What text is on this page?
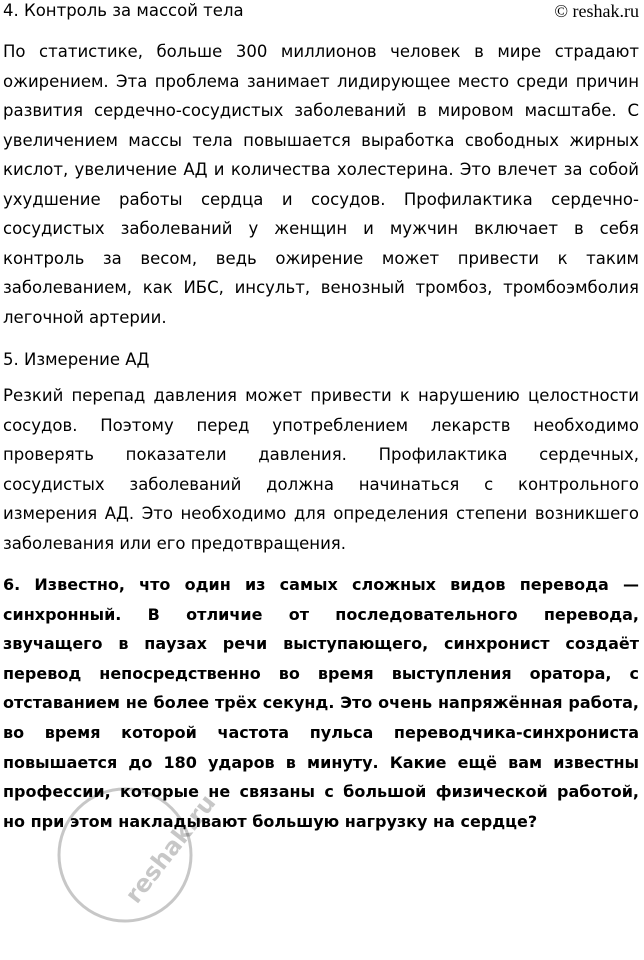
4. Контроль за массой тела	© reshak.ru

По статистике, больше 300 миллионов человек в мире страдают ожирением. Эта проблема занимает лидирующее место среди причин развития сердечно-сосудистых заболеваний в мировом масштабе. С увеличением массы тела повышается выработка свободных жирных кислот, увеличение АД и количества холестерина. Это влечет за собой ухудшение работы сердца и сосудов. Профилактика сердечно-сосудистых заболеваний у женщин и мужчин включает в себя контроль за весом, ведь ожирение может привести к таким заболеванием, как ИБС, инсульт, венозный тромбоз, тромбоэмболия легочной артерии.

5. Измерение АД

Резкий перепад давления может привести к нарушению целостности сосудов. Поэтому перед употреблением лекарств необходимо проверять показатели давления. Профилактика сердечных, сосудистых заболеваний должна начинаться с контрольного измерения АД. Это необходимо для определения степени возникшего заболевания или его предотвращения.

6. Известно, что один из самых сложных видов перевода — синхронный. В отличие от последовательного перевода, звучащего в паузах речи выступающего, синхронист создаёт перевод непосредственно во время выступления оратора, с отставанием не более трёх секунд. Это очень напряжённая работа, во время которой частота пульса переводчика-синхрониста повышается до 180 ударов в минуту. Какие ещё вам известны профессии, которые не связаны с большой физической работой, но при этом накладывают большую нагрузку на сердце?

reshak.ru
